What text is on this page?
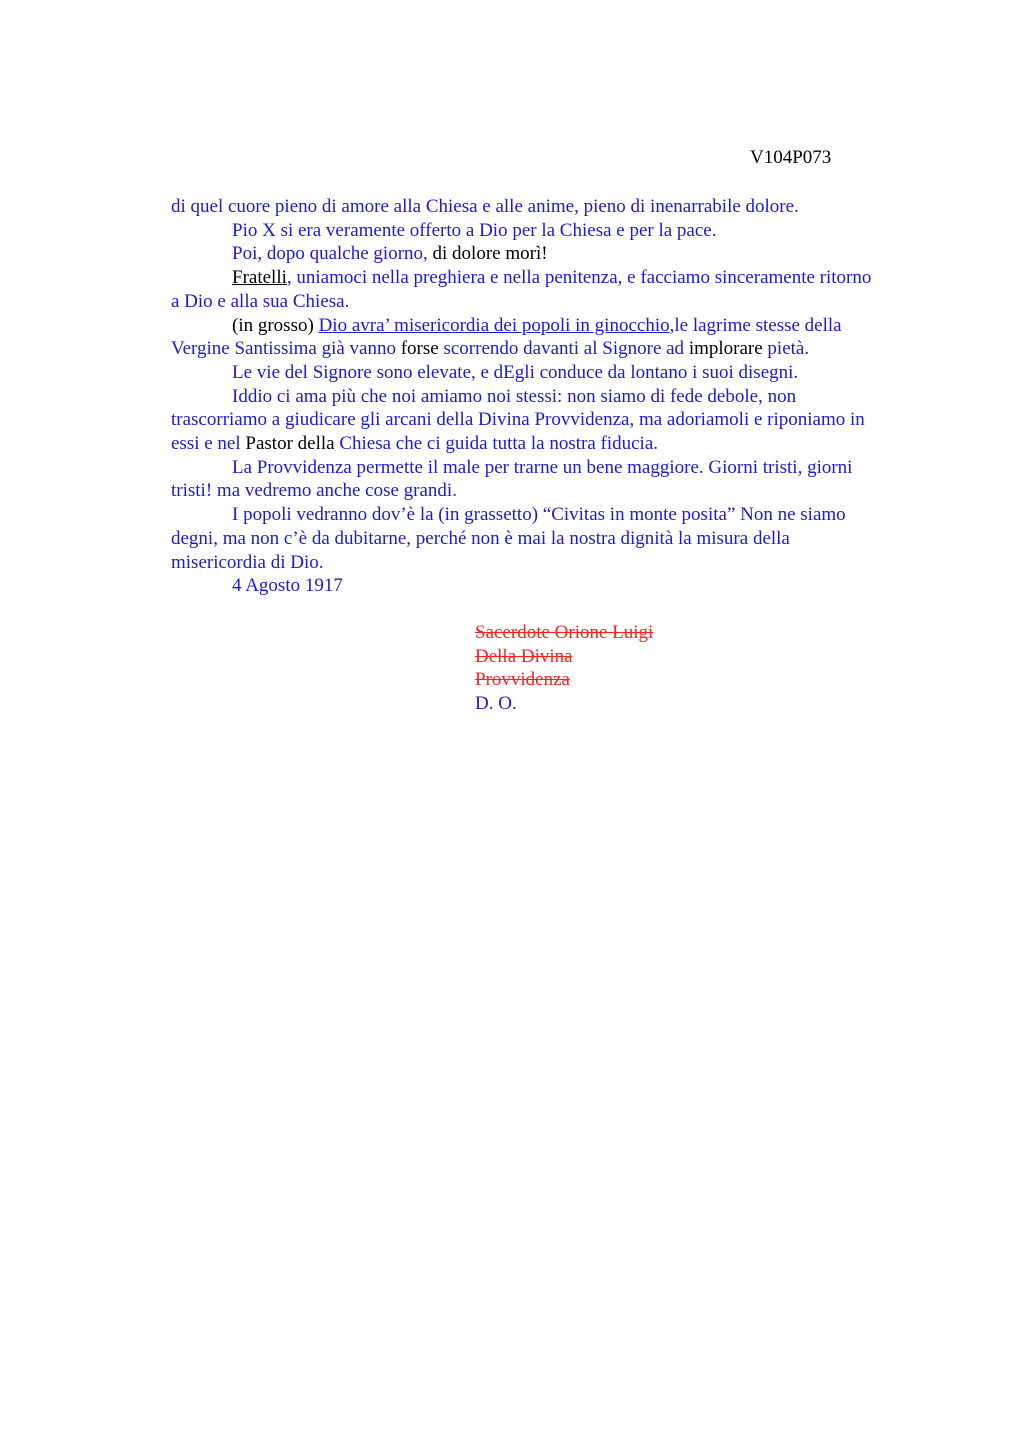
V104P073
di quel cuore pieno di amore alla Chiesa e alle anime, pieno di inenarrabile dolore.
Pio X si era veramente offerto a Dio per la Chiesa e per la pace.
Poi, dopo qualche giorno, di dolore morì!
Fratelli, uniamoci nella preghiera e nella penitenza, e facciamo sinceramente ritorno
a Dio e alla sua Chiesa.
(in grosso) Dio avra’ misericordia dei popoli in ginocchio,le lagrime stesse della
Vergine Santissima già vanno forse scorrendo davanti al Signore ad implorare pietà.
Le vie del Signore sono elevate, e dEgli conduce da lontano i suoi disegni.
Iddio ci ama più che noi amiamo noi stessi: non siamo di fede debole, non
trascorriamo a giudicare gli arcani della Divina Provvidenza, ma adoriamoli e riponiamo in
essi e nel Pastor della Chiesa che ci guida tutta la nostra fiducia.
La Provvidenza permette il male per trarne un bene maggiore. Giorni tristi, giorni
tristi! ma vedremo anche cose grandi.
I popoli vedranno dov’è la (in grassetto) “Civitas in monte posita” Non ne siamo
degni, ma non c’è da dubitarne, perché non è mai la nostra dignità la misura della
misericordia di Dio.
4 Agosto 1917
Sacerdote Orione Luigi
Della Divina
Provvidenza
D. O.
